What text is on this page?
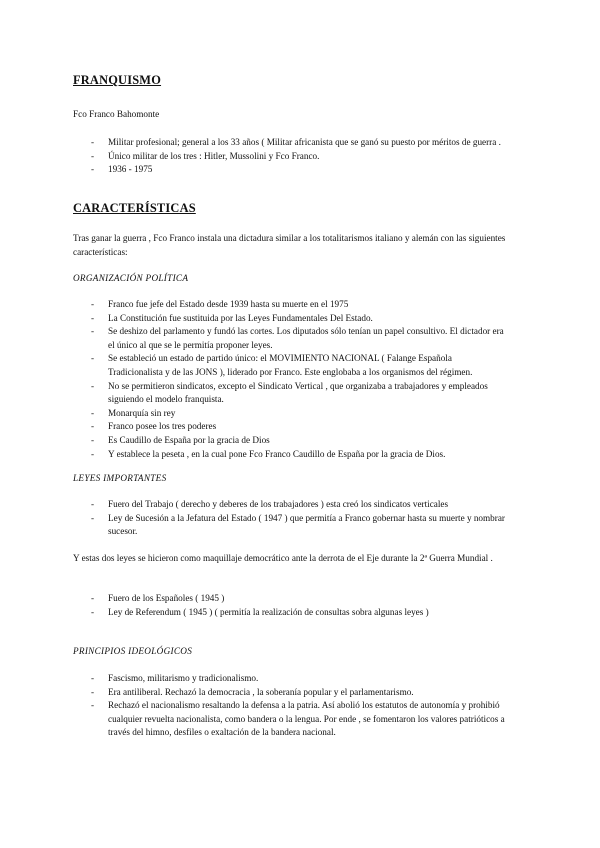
FRANQUISMO

Fco Franco Bahomonte

- Militar profesional; general a los 33 años ( Militar africanista que se ganó su puesto por méritos de guerra .
- Único militar de los tres : Hitler, Mussolini y Fco Franco.
- 1936 - 1975
CARACTERÍSTICAS

Tras ganar la guerra , Fco Franco instala una dictadura similar a los totalitarismos italiano y alemán con las siguientes características:

ORGANIZACIÓN POLÍTICA

- Franco fue jefe del Estado desde 1939 hasta su muerte en el 1975
- La Constitución fue sustituida por las Leyes Fundamentales Del Estado.
- Se deshizo del parlamento y fundó las cortes. Los diputados sólo tenían un papel consultivo. El dictador era el único al que se le permitía proponer leyes.
- Se estableció un estado de partido único: el MOVIMIENTO NACIONAL ( Falange Española Tradicionalista y de las JONS ), liderado por Franco. Este englobaba a los organismos del régimen.
- No se permitieron sindicatos, excepto el Sindicato Vertical , que organizaba a trabajadores y empleados siguiendo el modelo franquista.
- Monarquía sin rey
- Franco posee los tres poderes
- Es Caudillo de España por la gracia de Dios
- Y establece la peseta , en la cual pone Fco Franco Caudillo de España por la gracia de Dios.

LEYES IMPORTANTES

- Fuero del Trabajo ( derecho y deberes de los trabajadores ) esta creó los sindicatos verticales
- Ley de Sucesión a la Jefatura del Estado ( 1947 ) que permitía a Franco gobernar hasta su muerte y nombrar sucesor.

Y estas dos leyes se hicieron como maquillaje democrático ante la derrota de el Eje durante la 2ª Guerra Mundial .

- Fuero de los Españoles ( 1945 )
- Ley de Referendum ( 1945 ) ( permitía la realización de consultas sobra algunas leyes )

PRINCIPIOS IDEOLÓGICOS

- Fascismo, militarismo y tradicionalismo.
- Era antiliberal. Rechazó la democracia , la soberanía popular y el parlamentarismo.
- Rechazó el nacionalismo resaltando la defensa a la patria. Así abolió los estatutos de autonomía y prohibió cualquier revuelta nacionalista, como bandera o la lengua. Por ende , se fomentaron los valores patrióticos a través del himno, desfiles o exaltación de la bandera nacional.
